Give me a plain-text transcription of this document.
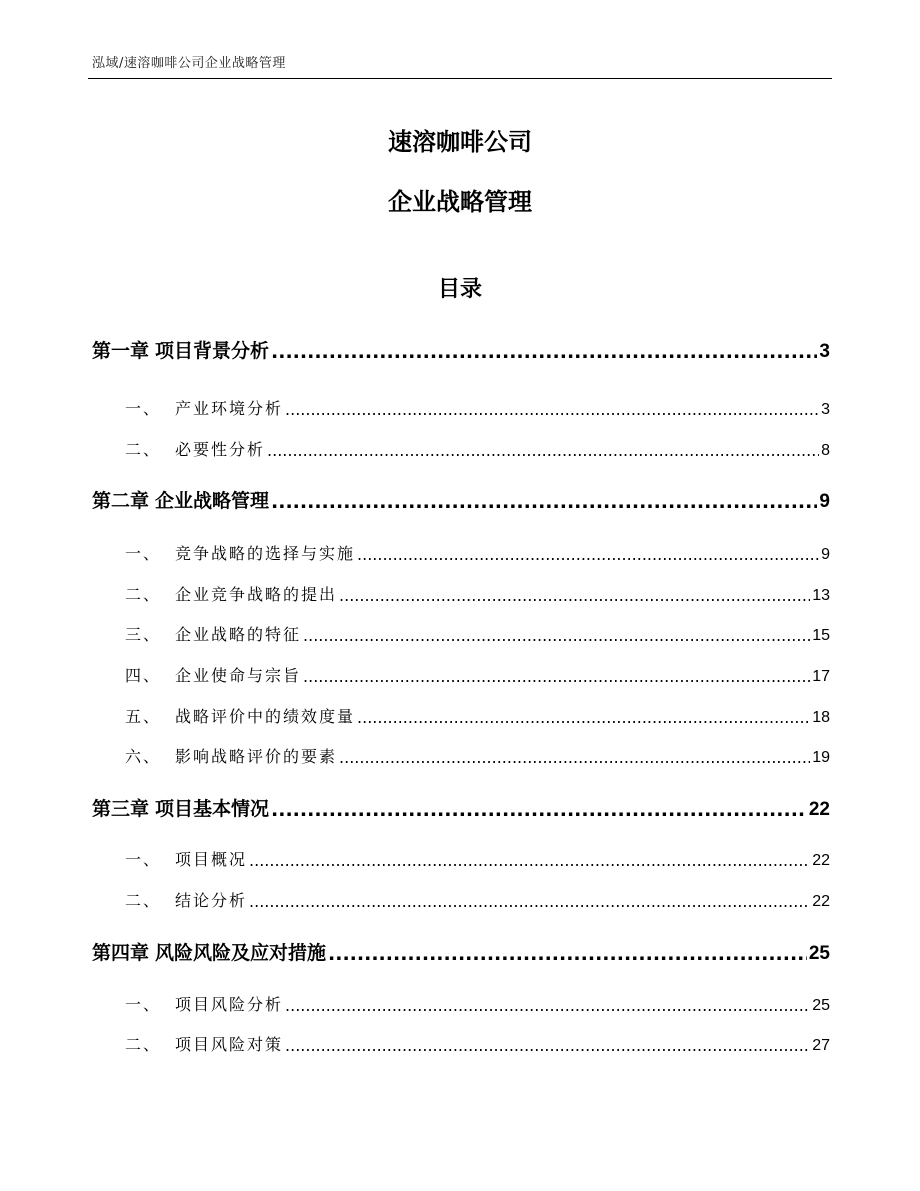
泓域/速溶咖啡公司企业战略管理
速溶咖啡公司
企业战略管理
目录
第一章 项目背景分析 .....	3
一、 产业环境分析 .....	3
二、 必要性分析 .....	8
第二章 企业战略管理 .....	9
一、 竞争战略的选择与实施 .....	9
二、 企业竞争战略的提出 .....	13
三、 企业战略的特征 .....	15
四、 企业使命与宗旨 .....	17
五、 战略评价中的绩效度量 .....	18
六、 影响战略评价的要素 .....	19
第三章 项目基本情况 .....	22
一、 项目概况 .....	22
二、 结论分析 .....	22
第四章 风险风险及应对措施 .....	25
一、 项目风险分析 .....	25
二、 项目风险对策 .....	27
